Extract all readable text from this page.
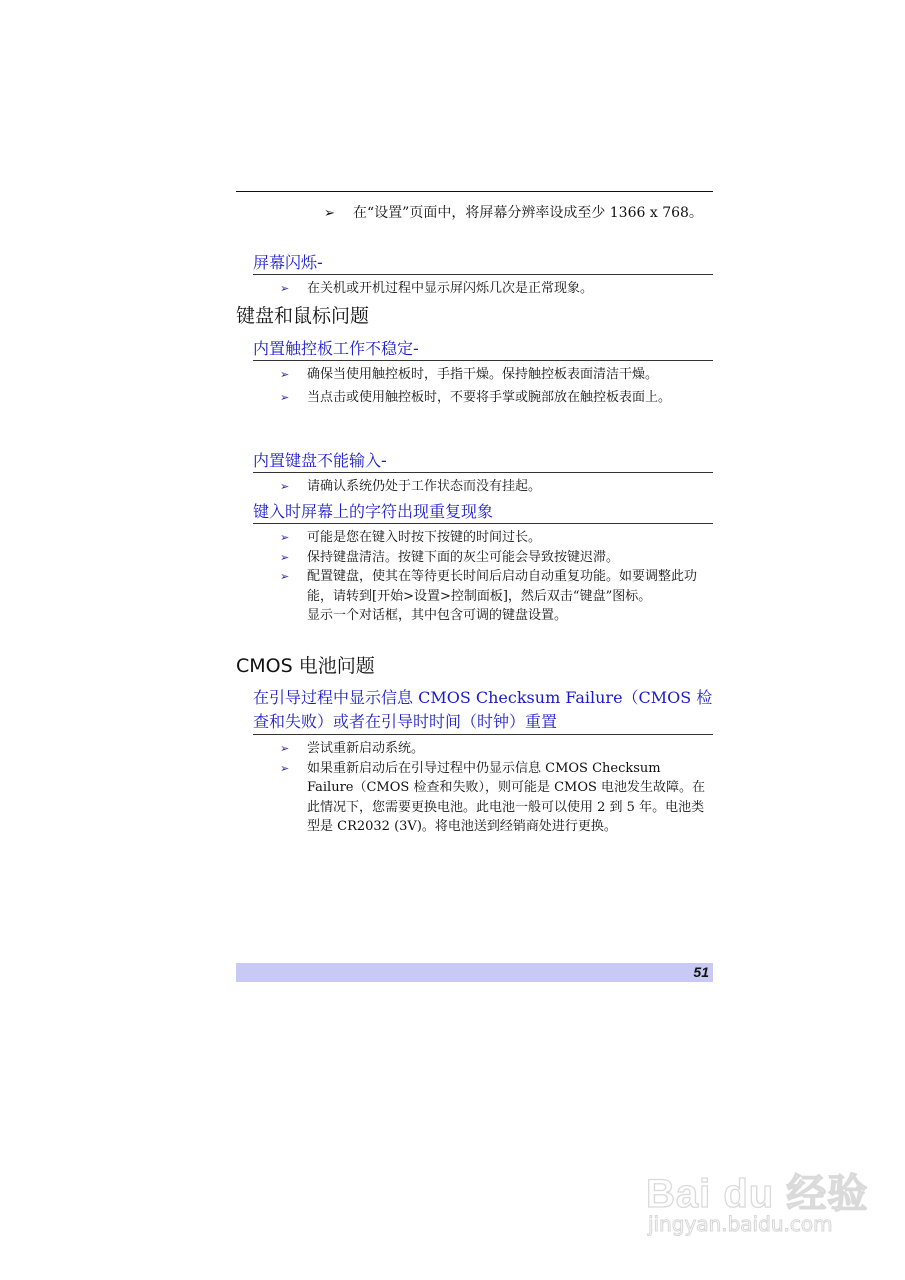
➢ 在“设置”页面中，将屏幕分辨率设成至少 1366 x 768。
屏幕闪烁-
➢ 在关机或开机过程中显示屏闪烁几次是正常现象。
键盘和鼠标问题
内置触控板工作不稳定-
➢ 确保当使用触控板时，手指干燥。保持触控板表面清洁干燥。
➢ 当点击或使用触控板时，不要将手掌或腕部放在触控板表面上。
内置键盘不能输入-
➢ 请确认系统仍处于工作状态而没有挂起。
键入时屏幕上的字符出现重复现象
➢ 可能是您在键入时按下按键的时间过长。
➢ 保持键盘清洁。按键下面的灰尘可能会导致按键迟滞。
➢ 配置键盘，使其在等待更长时间后启动自动重复功能。如要调整此功能，请转到[开始>设置>控制面板]，然后双击“键盘”图标。
显示一个对话框，其中包含可调的键盘设置。
CMOS 电池问题
在引导过程中显示信息 CMOS Checksum Failure（CMOS 检查和失败）或者在引导时时间（时钟）重置
➢ 尝试重新启动系统。
➢ 如果重新启动后在引导过程中仍显示信息 CMOS Checksum Failure（CMOS 检查和失败），则可能是 CMOS 电池发生故障。在此情况下，您需要更换电池。此电池一般可以使用 2 到 5 年。电池类型是 CR2032 (3V)。将电池送到经销商处进行更换。
51
Bai du 经验
jingyan.baidu.com
